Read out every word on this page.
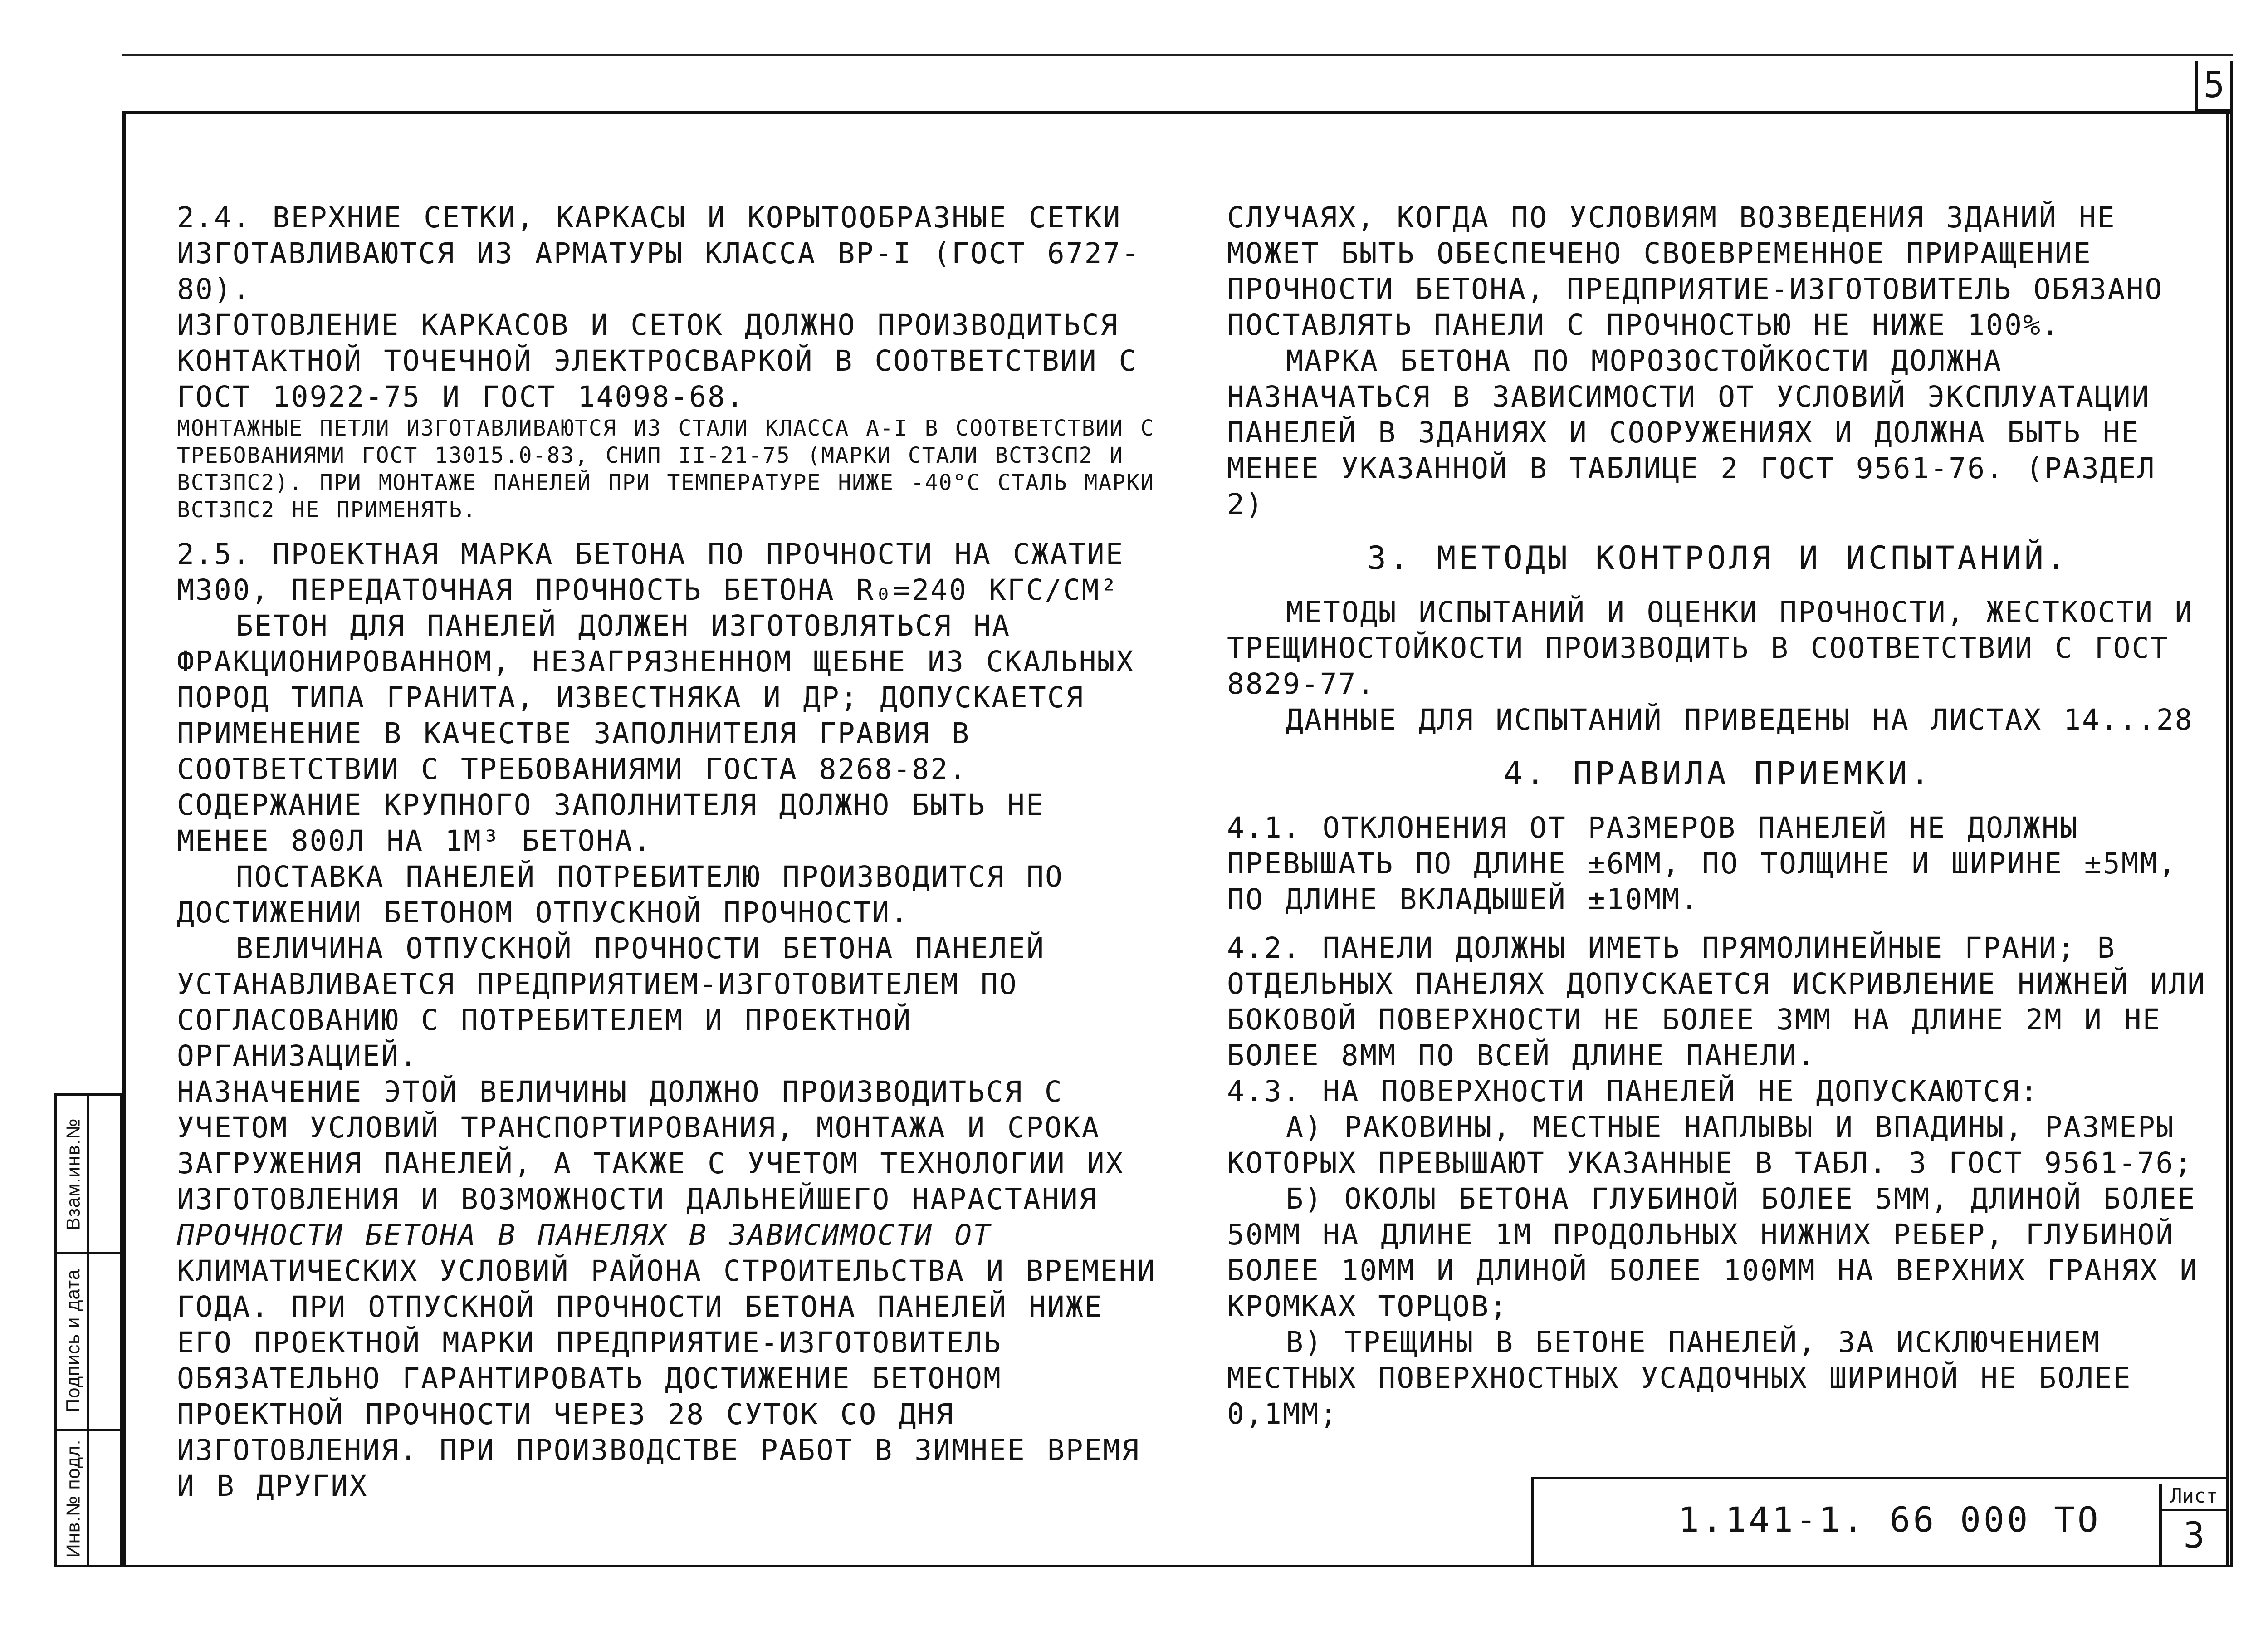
5

2.4. ВЕРХНИЕ СЕТКИ, КАРКАСЫ И КОРЫТООБРАЗНЫЕ СЕТКИ ИЗГОТАВЛИВАЮТСЯ ИЗ АРМАТУРЫ КЛАССА ВР-I (ГОСТ 6727-80).

ИЗГОТОВЛЕНИЕ КАРКАСОВ И СЕТОК ДОЛЖНО ПРОИЗВОДИТЬСЯ КОНТАКТНОЙ ТОЧЕЧНОЙ ЭЛЕКТРОСВАРКОЙ В СООТВЕТСТВИИ С ГОСТ 10922-75 И ГОСТ 14098-68.

МОНТАЖНЫЕ ПЕТЛИ ИЗГОТАВЛИВАЮТСЯ ИЗ СТАЛИ КЛАССА А-I В СООТВЕТСТВИИ С ТРЕБОВАНИЯМИ ГОСТ 13015.0-83, СНИП II-21-75 (МАРКИ СТАЛИ ВСТ3СП2 И ВСТ3ПС2). ПРИ МОНТАЖЕ ПАНЕЛЕЙ ПРИ ТЕМПЕРАТУРЕ НИЖЕ -40°С СТАЛЬ МАРКИ ВСТ3ПС2 НЕ ПРИМЕНЯТЬ.

2.5. ПРОЕКТНАЯ МАРКА БЕТОНА ПО ПРОЧНОСТИ НА СЖАТИЕ М300, ПЕРЕДАТОЧНАЯ ПРОЧНОСТЬ БЕТОНА R₀=240 КГС/СМ²

БЕТОН ДЛЯ ПАНЕЛЕЙ ДОЛЖЕН ИЗГОТОВЛЯТЬСЯ НА ФРАКЦИОНИРОВАННОМ, НЕЗАГРЯЗНЕННОМ ЩЕБНЕ ИЗ СКАЛЬНЫХ ПОРОД ТИПА ГРАНИТА, ИЗВЕСТНЯКА И ДР; ДОПУСКАЕТСЯ ПРИМЕНЕНИЕ В КАЧЕСТВЕ ЗАПОЛНИТЕЛЯ ГРАВИЯ В СООТВЕТСТВИИ С ТРЕБОВАНИЯМИ ГОСТА 8268-82. СОДЕРЖАНИЕ КРУПНОГО ЗАПОЛНИТЕЛЯ ДОЛЖНО БЫТЬ НЕ МЕНЕЕ 800Л НА 1М³ БЕТОНА.

ПОСТАВКА ПАНЕЛЕЙ ПОТРЕБИТЕЛЮ ПРОИЗВОДИТСЯ ПО ДОСТИЖЕНИИ БЕТОНОМ ОТПУСКНОЙ ПРОЧНОСТИ.

ВЕЛИЧИНА ОТПУСКНОЙ ПРОЧНОСТИ БЕТОНА ПАНЕЛЕЙ УСТАНАВЛИВАЕТСЯ ПРЕДПРИЯТИЕМ-ИЗГОТОВИТЕЛЕМ ПО СОГЛАСОВАНИЮ С ПОТРЕБИТЕЛЕМ И ПРОЕКТНОЙ ОРГАНИЗАЦИЕЙ.

НАЗНАЧЕНИЕ ЭТОЙ ВЕЛИЧИНЫ ДОЛЖНО ПРОИЗВОДИТЬСЯ С УЧЕТОМ УСЛОВИЙ ТРАНСПОРТИРОВАНИЯ, МОНТАЖА И СРОКА ЗАГРУЖЕНИЯ ПАНЕЛЕЙ, А ТАКЖЕ С УЧЕТОМ ТЕХНОЛОГИИ ИХ ИЗГОТОВЛЕНИЯ И ВОЗМОЖНОСТИ ДАЛЬНЕЙШЕГО НАРАСТАНИЯ ПРОЧНОСТИ БЕТОНА В ПАНЕЛЯХ В ЗАВИСИМОСТИ ОТ КЛИМАТИЧЕСКИХ УСЛОВИЙ РАЙОНА СТРОИТЕЛЬСТВА И ВРЕМЕНИ ГОДА. ПРИ ОТПУСКНОЙ ПРОЧНОСТИ БЕТОНА ПАНЕЛЕЙ НИЖЕ ЕГО ПРОЕКТНОЙ МАРКИ ПРЕДПРИЯТИЕ-ИЗГОТОВИТЕЛЬ ОБЯЗАТЕЛЬНО ГАРАНТИРОВАТЬ ДОСТИЖЕНИЕ БЕТОНОМ ПРОЕКТНОЙ ПРОЧНОСТИ ЧЕРЕЗ 28 СУТОК СО ДНЯ ИЗГОТОВЛЕНИЯ. ПРИ ПРОИЗВОДСТВЕ РАБОТ В ЗИМНЕЕ ВРЕМЯ И В ДРУГИХ

СЛУЧАЯХ, КОГДА ПО УСЛОВИЯМ ВОЗВЕДЕНИЯ ЗДАНИЙ НЕ МОЖЕТ БЫТЬ ОБЕСПЕЧЕНО СВОЕВРЕМЕННОЕ ПРИРАЩЕНИЕ ПРОЧНОСТИ БЕТОНА, ПРЕДПРИЯТИЕ-ИЗГОТОВИТЕЛЬ ОБЯЗАНО ПОСТАВЛЯТЬ ПАНЕЛИ С ПРОЧНОСТЬЮ НЕ НИЖЕ 100%.

МАРКА БЕТОНА ПО МОРОЗОСТОЙКОСТИ ДОЛЖНА НАЗНАЧАТЬСЯ В ЗАВИСИМОСТИ ОТ УСЛОВИЙ ЭКСПЛУАТАЦИИ ПАНЕЛЕЙ В ЗДАНИЯХ И СООРУЖЕНИЯХ И ДОЛЖНА БЫТЬ НЕ МЕНЕЕ УКАЗАННОЙ В ТАБЛИЦЕ 2 ГОСТ 9561-76. (РАЗДЕЛ 2)

3. МЕТОДЫ КОНТРОЛЯ И ИСПЫТАНИЙ.

МЕТОДЫ ИСПЫТАНИЙ И ОЦЕНКИ ПРОЧНОСТИ, ЖЕСТКОСТИ И ТРЕЩИНОСТОЙКОСТИ ПРОИЗВОДИТЬ В СООТВЕТСТВИИ С ГОСТ 8829-77.

ДАННЫЕ ДЛЯ ИСПЫТАНИЙ ПРИВЕДЕНЫ НА ЛИСТАХ 14...28

4. ПРАВИЛА ПРИЕМКИ.

4.1. ОТКЛОНЕНИЯ ОТ РАЗМЕРОВ ПАНЕЛЕЙ НЕ ДОЛЖНЫ ПРЕВЫШАТЬ ПО ДЛИНЕ ±6ММ, ПО ТОЛЩИНЕ И ШИРИНЕ ±5ММ, ПО ДЛИНЕ ВКЛАДЫШЕЙ ±10ММ.

4.2. ПАНЕЛИ ДОЛЖНЫ ИМЕТЬ ПРЯМОЛИНЕЙНЫЕ ГРАНИ; В ОТДЕЛЬНЫХ ПАНЕЛЯХ ДОПУСКАЕТСЯ ИСКРИВЛЕНИЕ НИЖНЕЙ ИЛИ БОКОВОЙ ПОВЕРХНОСТИ НЕ БОЛЕЕ 3ММ НА ДЛИНЕ 2М И НЕ БОЛЕЕ 8ММ ПО ВСЕЙ ДЛИНЕ ПАНЕЛИ.

4.3. НА ПОВЕРХНОСТИ ПАНЕЛЕЙ НЕ ДОПУСКАЮТСЯ:

А) РАКОВИНЫ, МЕСТНЫЕ НАПЛЫВЫ И ВПАДИНЫ, РАЗМЕРЫ КОТОРЫХ ПРЕВЫШАЮТ УКАЗАННЫЕ В ТАБЛ. 3 ГОСТ 9561-76;

Б) ОКОЛЫ БЕТОНА ГЛУБИНОЙ БОЛЕЕ 5ММ, ДЛИНОЙ БОЛЕЕ 50ММ НА ДЛИНЕ 1М ПРОДОЛЬНЫХ НИЖНИХ РЕБЕР, ГЛУБИНОЙ БОЛЕЕ 10ММ И ДЛИНОЙ БОЛЕЕ 100ММ НА ВЕРХНИХ ГРАНЯХ И КРОМКАХ ТОРЦОВ;

В) ТРЕЩИНЫ В БЕТОНЕ ПАНЕЛЕЙ, ЗА ИСКЛЮЧЕНИЕМ МЕСТНЫХ ПОВЕРХНОСТНЫХ УСАДОЧНЫХ ШИРИНОЙ НЕ БОЛЕЕ 0,1ММ;

Взам.инв.№
Подпись и дата
Инв.№ подл.	1.141-1. 66 000 ТО
Лист
3
